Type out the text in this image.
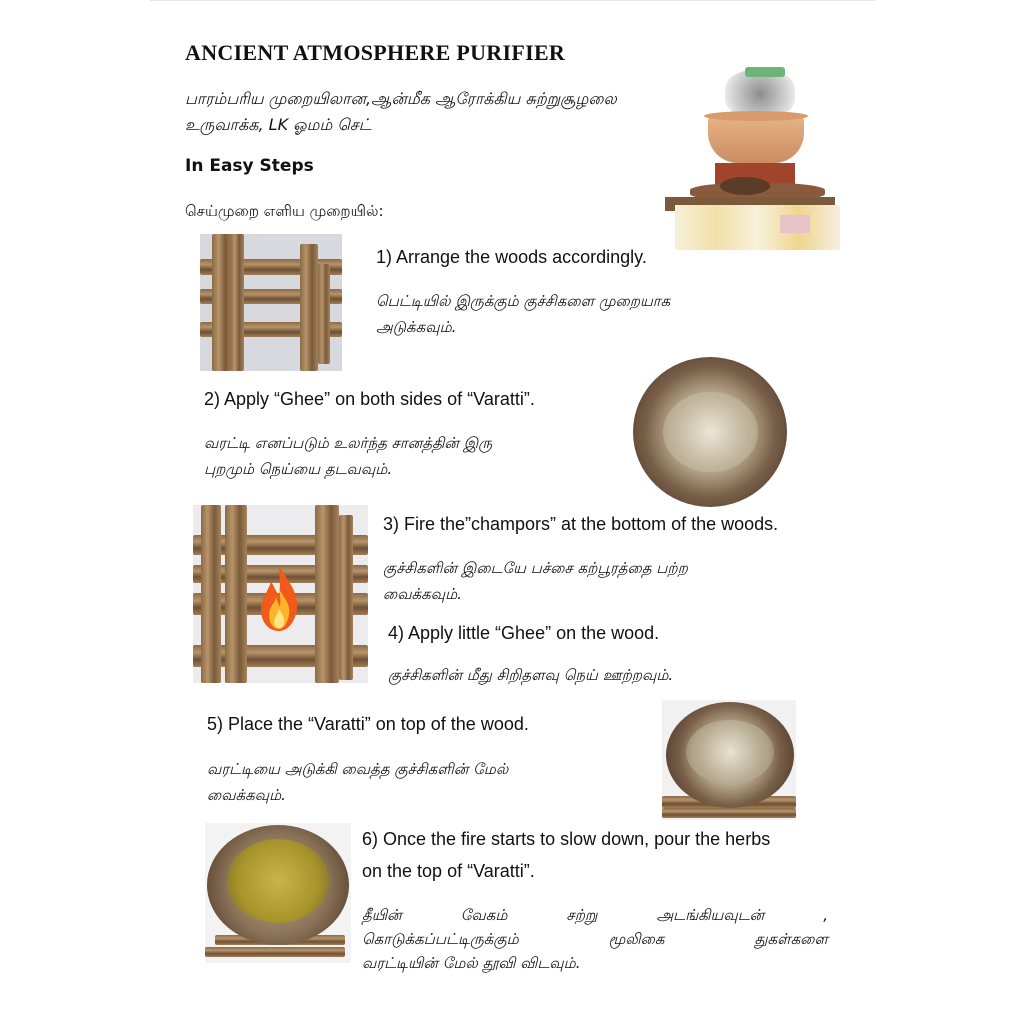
ANCIENT ATMOSPHERE PURIFIER
பாரம்பரிய முறையிலான,ஆன்மீக ஆரோக்கிய சுற்றுசூழலை
உருவாக்க, LK ஓமம் செட்
In Easy Steps
செய்முறை எளிய முறையில்:
1) Arrange the woods accordingly.
பெட்டியில் இருக்கும் குச்சிகளை முறையாக
அடுக்கவும்.
2) Apply “Ghee” on both sides of “Varatti”.
வரட்டி எனப்படும் உலர்ந்த சானத்தின் இரு
புறமும் நெய்யை தடவவும்.
3) Fire the”champors” at the bottom of the woods.
குச்சிகளின் இடையே பச்சை கற்பூரத்தை பற்ற
வைக்கவும்.
4) Apply little “Ghee” on the wood.
குச்சிகளின் மீது சிறிதளவு நெய் ஊற்றவும்.
5) Place the “Varatti” on top of the wood.
வரட்டியை அடுக்கி வைத்த குச்சிகளின் மேல்
வைக்கவும்.
6) Once the fire starts to slow down, pour the herbs
on the top of “Varatti”.
தீயின் வேகம் சற்று அடங்கியவுடன் ,
கொடுக்கப்பட்டிருக்கும் மூலிகை துகள்களை
வரட்டியின் மேல் தூவி விடவும்.
